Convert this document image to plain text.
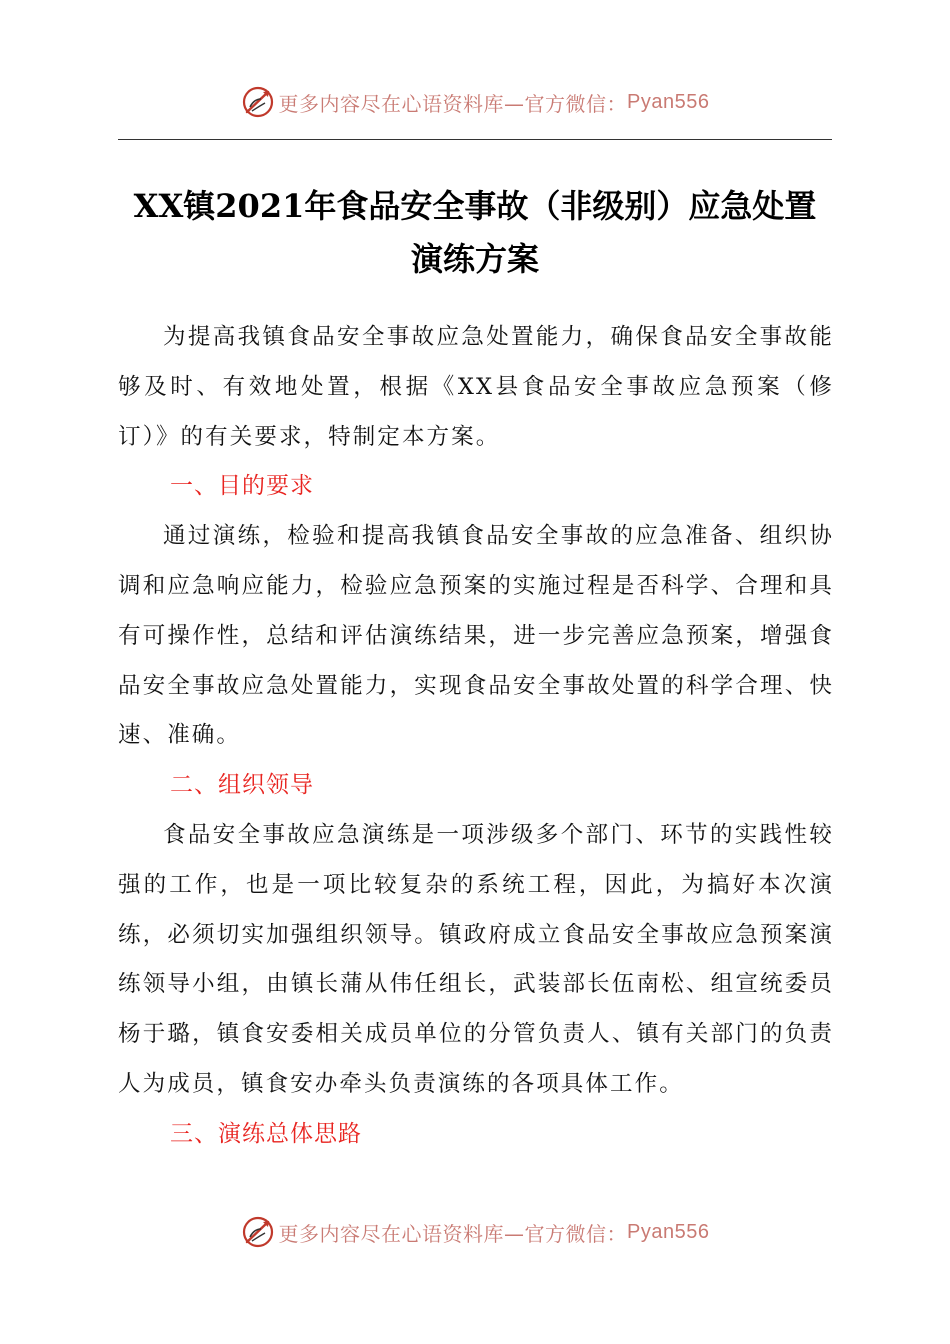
更多内容尽在心语资料库—官方微信： Pyan556
XX镇2021年食品安全事故（非级别）应急处置演练方案

为提高我镇食品安全事故应急处置能力，确保食品安全事故能够及时、有效地处置，根据《XX县食品安全事故应急预案（修订）》的有关要求，特制定本方案。

一、目的要求

通过演练，检验和提高我镇食品安全事故的应急准备、组织协调和应急响应能力，检验应急预案的实施过程是否科学、合理和具有可操作性，总结和评估演练结果，进一步完善应急预案，增强食品安全事故应急处置能力，实现食品安全事故处置的科学合理、快速、准确。

二、组织领导

食品安全事故应急演练是一项涉级多个部门、环节的实践性较强的工作，也是一项比较复杂的系统工程，因此，为搞好本次演练，必须切实加强组织领导。镇政府成立食品安全事故应急预案演练领导小组，由镇长蒲从伟任组长，武装部长伍南松、组宣统委员杨于璐，镇食安委相关成员单位的分管负责人、镇有关部门的负责人为成员，镇食安办牵头负责演练的各项具体工作。

三、演练总体思路

更多内容尽在心语资料库—官方微信： Pyan556
